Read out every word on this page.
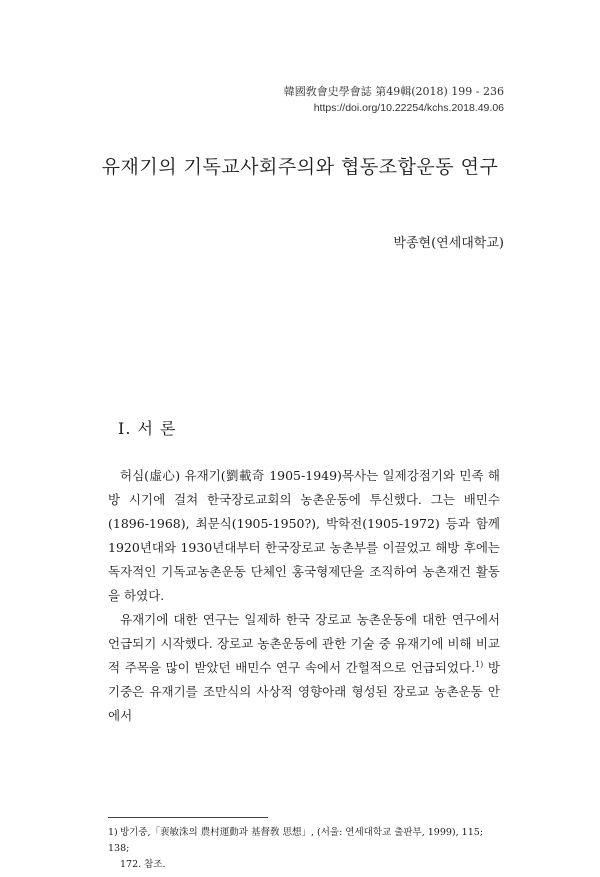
韓國敎會史學會誌 第49輯(2018) 199 - 236
https://doi.org/10.22254/kchs.2018.49.06
유재기의 기독교사회주의와 협동조합운동 연구
박종현(연세대학교)
I. 서 론

허심(虛心) 유재기(劉載奇 1905-1949)목사는 일제강점기와 민족 해방 시기에 걸쳐 한국장로교회의 농촌운동에 투신했다. 그는 배민수(1896-1968), 최문식(1905-1950?), 박학전(1905-1972) 등과 함께 1920년대와 1930년대부터 한국장로교 농촌부를 이끌었고 해방 후에는 독자적인 기독교농촌운동 단체인 홍국형제단을 조직하여 농촌재건 활동을 하였다.

유재기에 대한 연구는 일제하 한국 장로교 농촌운동에 대한 연구에서 언급되기 시작했다. 장로교 농촌운동에 관한 기술 중 유재기에 비해 비교적 주목을 많이 받았던 배민수 연구 속에서 간헐적으로 언급되었다.$^{1)}$ 방기중은 유재기를 조만식의 사상적 영향아래 형성된 장로교 농촌운동 안에서

1) 방기중,「裵敏洙의 農村運動과 基督敎 思想」, (서울: 연세대학교 출판부, 1999), 115; 138;
172. 참조.
